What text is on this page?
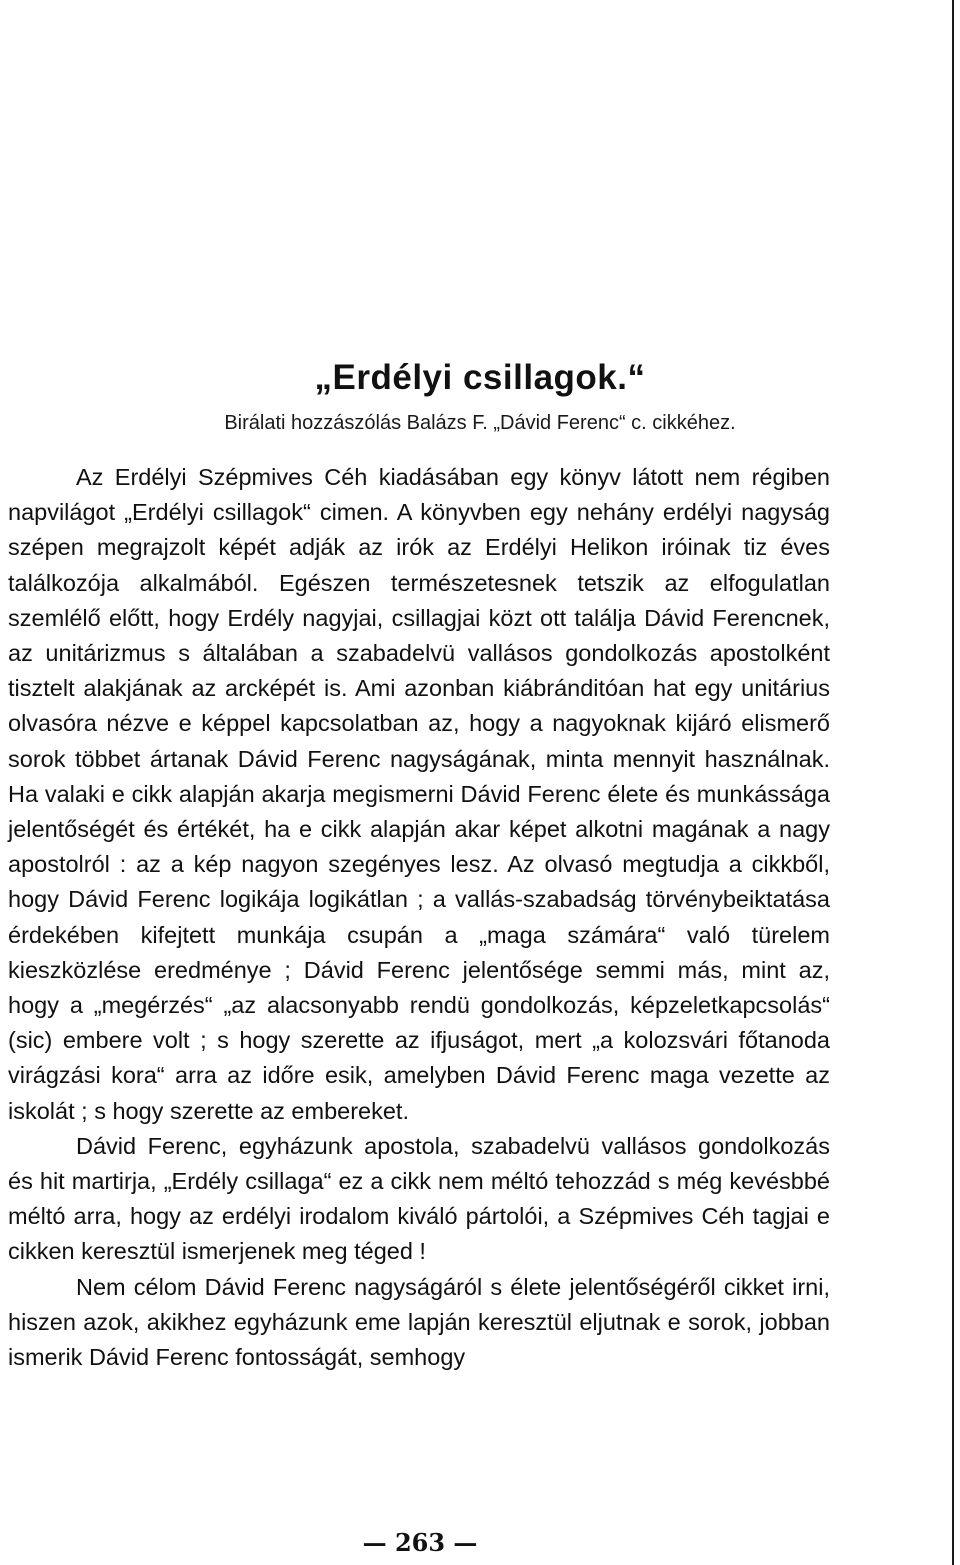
„Erdélyi csillagok.“
Birálati hozzászólás Balázs F. „Dávid Ferenc“ c. cikkéhez.

Az Erdélyi Szépmives Céh kiadásában egy könyv látott nem régiben napvilágot „Erdélyi csillagok“ cimen. A könyvben egy nehány erdélyi nagyság szépen megrajzolt képét adják az irók az Erdélyi Helikon iróinak tiz éves találkozója alkalmából. Egészen természetesnek tetszik az elfogulatlan szemlélő előtt, hogy Erdély nagyjai, csillagjai közt ott találja Dávid Ferencnek, az unitárizmus s általában a szabadelvü vallásos gondolkozás apostolként tisztelt alakjának az arcképét is. Ami azonban kiábránditóan hat egy unitárius olvasóra nézve e képpel kapcsolatban az, hogy a nagyoknak kijáró elismerő sorok többet ártanak Dávid Ferenc nagyságának, minta mennyit használnak. Ha valaki e cikk alapján akarja megismerni Dávid Ferenc élete és munkássága jelentőségét és értékét, ha e cikk alapján akar képet alkotni magának a nagy apostolról : az a kép nagyon szegényes lesz. Az olvasó megtudja a cikkből, hogy Dávid Ferenc logikája logikátlan ; a vallás-szabadság törvénybeiktatása érdekében kifejtett munkája csupán a „maga számára“ való türelem kieszközlése eredménye ; Dávid Ferenc jelentősége semmi más, mint az, hogy a „megérzés“ „az alacsonyabb rendü gondolkozás, képzeletkapcsolás“ (sic) embere volt ; s hogy szerette az ifjuságot, mert „a kolozsvári főtanoda virágzási kora“ arra az időre esik, amelyben Dávid Ferenc maga vezette az iskolát ; s hogy szerette az embereket.

Dávid Ferenc, egyházunk apostola, szabadelvü vallásos gondolkozás és hit martirja, „Erdély csillaga“ ez a cikk nem méltó tehozzád s még kevésbbé méltó arra, hogy az erdélyi irodalom kiváló pártolói, a Szépmives Céh tagjai e cikken keresztül ismerjenek meg téged !

Nem célom Dávid Ferenc nagyságáról s élete jelentőségéről cikket irni, hiszen azok, akikhez egyházunk eme lapján keresztül eljutnak e sorok, jobban ismerik Dávid Ferenc fontosságát, semhogy

— 263 —
